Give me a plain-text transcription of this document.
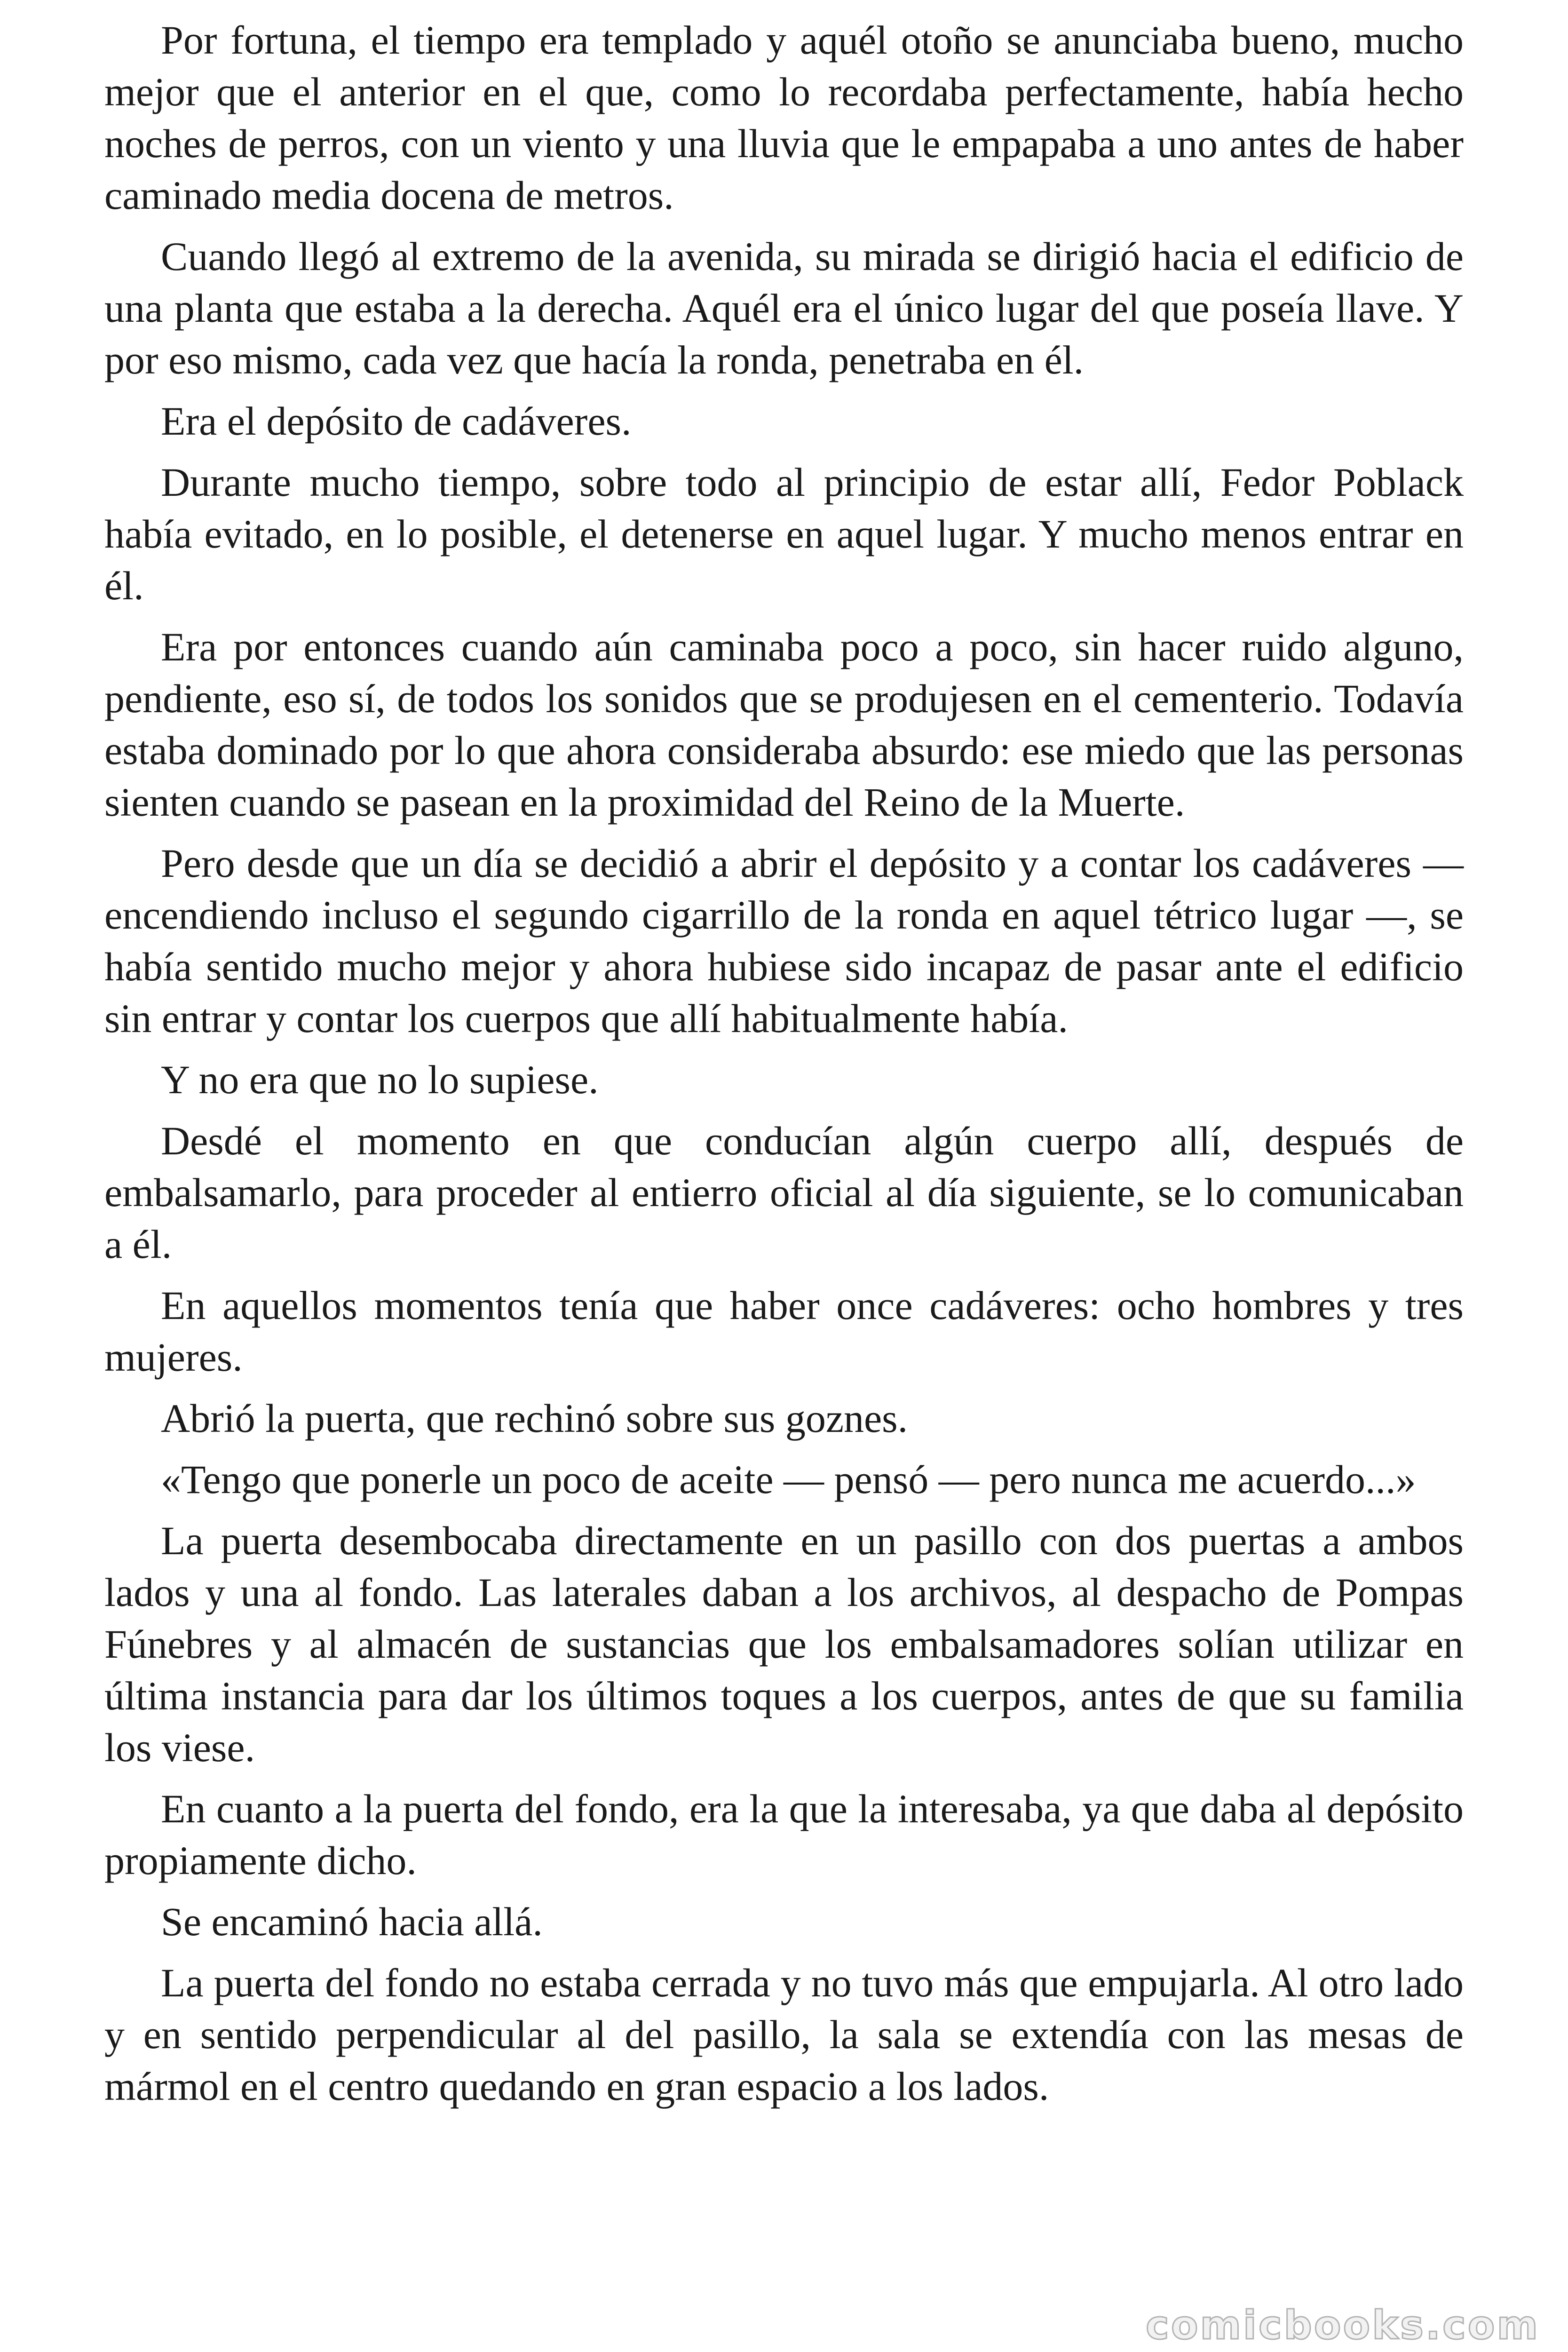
Por fortuna, el tiempo era templado y aquél otoño se anunciaba bueno, mucho mejor que el anterior en el que, como lo recordaba perfectamente, había hecho noches de perros, con un viento y una lluvia que le empapaba a uno antes de haber caminado media docena de metros.

Cuando llegó al extremo de la avenida, su mirada se dirigió hacia el edificio de una planta que estaba a la derecha. Aquél era el único lugar del que poseía llave. Y por eso mismo, cada vez que hacía la ronda, penetraba en él.

Era el depósito de cadáveres.

Durante mucho tiempo, sobre todo al principio de estar allí, Fedor Poblack había evitado, en lo posible, el detenerse en aquel lugar. Y mucho menos entrar en él.

Era por entonces cuando aún caminaba poco a poco, sin hacer ruido alguno, pendiente, eso sí, de todos los sonidos que se produjesen en el cementerio. Todavía estaba dominado por lo que ahora consideraba absurdo: ese miedo que las personas sienten cuando se pasean en la proximidad del Reino de la Muerte.

Pero desde que un día se decidió a abrir el depósito y a contar los cadáveres — encendiendo incluso el segundo cigarrillo de la ronda en aquel tétrico lugar —, se había sentido mucho mejor y ahora hubiese sido incapaz de pasar ante el edificio sin entrar y contar los cuerpos que allí habitualmente había.

Y no era que no lo supiese.

Desdé el momento en que conducían algún cuerpo allí, después de embalsamarlo, para proceder al entierro oficial al día siguiente, se lo comunicaban a él.

En aquellos momentos tenía que haber once cadáveres: ocho hombres y tres mujeres.

Abrió la puerta, que rechinó sobre sus goznes.

«Tengo que ponerle un poco de aceite — pensó — pero nunca me acuerdo...»

La puerta desembocaba directamente en un pasillo con dos puertas a ambos lados y una al fondo. Las laterales daban a los archivos, al despacho de Pompas Fúnebres y al almacén de sustancias que los embalsamadores solían utilizar en última instancia para dar los últimos toques a los cuerpos, antes de que su familia los viese.

En cuanto a la puerta del fondo, era la que la interesaba, ya que daba al depósito propiamente dicho.

Se encaminó hacia allá.

La puerta del fondo no estaba cerrada y no tuvo más que empujarla. Al otro lado y en sentido perpendicular al del pasillo, la sala se extendía con las mesas de mármol en el centro quedando en gran espacio a los lados.

comicbooks.com
